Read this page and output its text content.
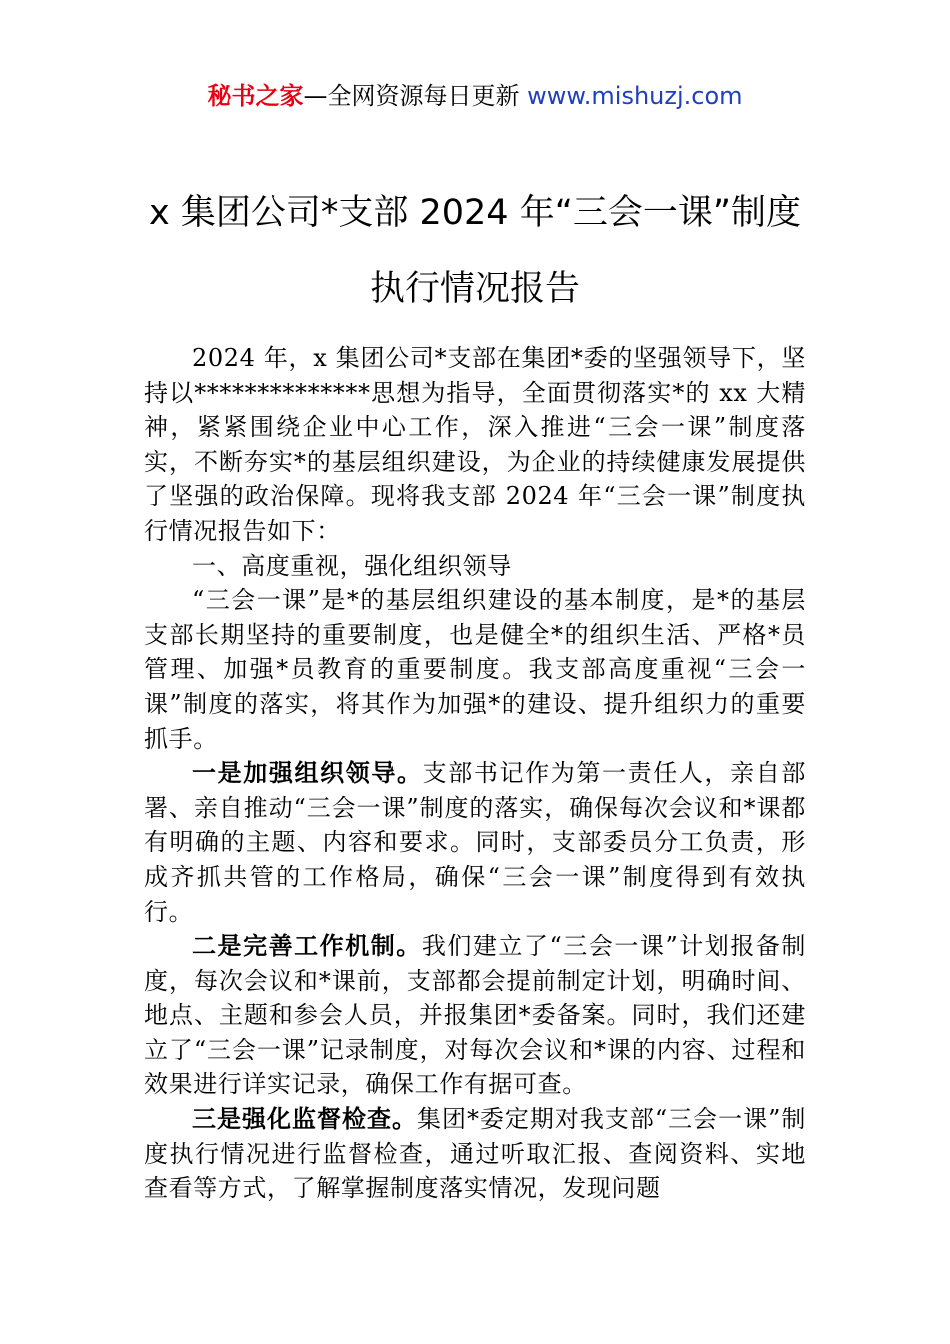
秘书之家—全网资源每日更新 www.mishuzj.com
x 集团公司*支部 2024 年“三会一课”制度
执行情况报告

2024 年，x 集团公司*支部在集团*委的坚强领导下，坚持以**************思想为指导，全面贯彻落实*的 xx 大精神，紧紧围绕企业中心工作，深入推进“三会一课”制度落实，不断夯实*的基层组织建设，为企业的持续健康发展提供了坚强的政治保障。现将我支部 2024 年“三会一课”制度执行情况报告如下：

一、高度重视，强化组织领导

“三会一课”是*的基层组织建设的基本制度，是*的基层支部长期坚持的重要制度，也是健全*的组织生活、严格*员管理、加强*员教育的重要制度。我支部高度重视“三会一课”制度的落实，将其作为加强*的建设、提升组织力的重要抓手。

一是加强组织领导。支部书记作为第一责任人，亲自部署、亲自推动“三会一课”制度的落实，确保每次会议和*课都有明确的主题、内容和要求。同时，支部委员分工负责，形成齐抓共管的工作格局，确保“三会一课”制度得到有效执行。

二是完善工作机制。我们建立了“三会一课”计划报备制度，每次会议和*课前，支部都会提前制定计划，明确时间、地点、主题和参会人员，并报集团*委备案。同时，我们还建立了“三会一课”记录制度，对每次会议和*课的内容、过程和效果进行详实记录，确保工作有据可查。

三是强化监督检查。集团*委定期对我支部“三会一课”制度执行情况进行监督检查，通过听取汇报、查阅资料、实地查看等方式，了解掌握制度落实情况，发现问题
